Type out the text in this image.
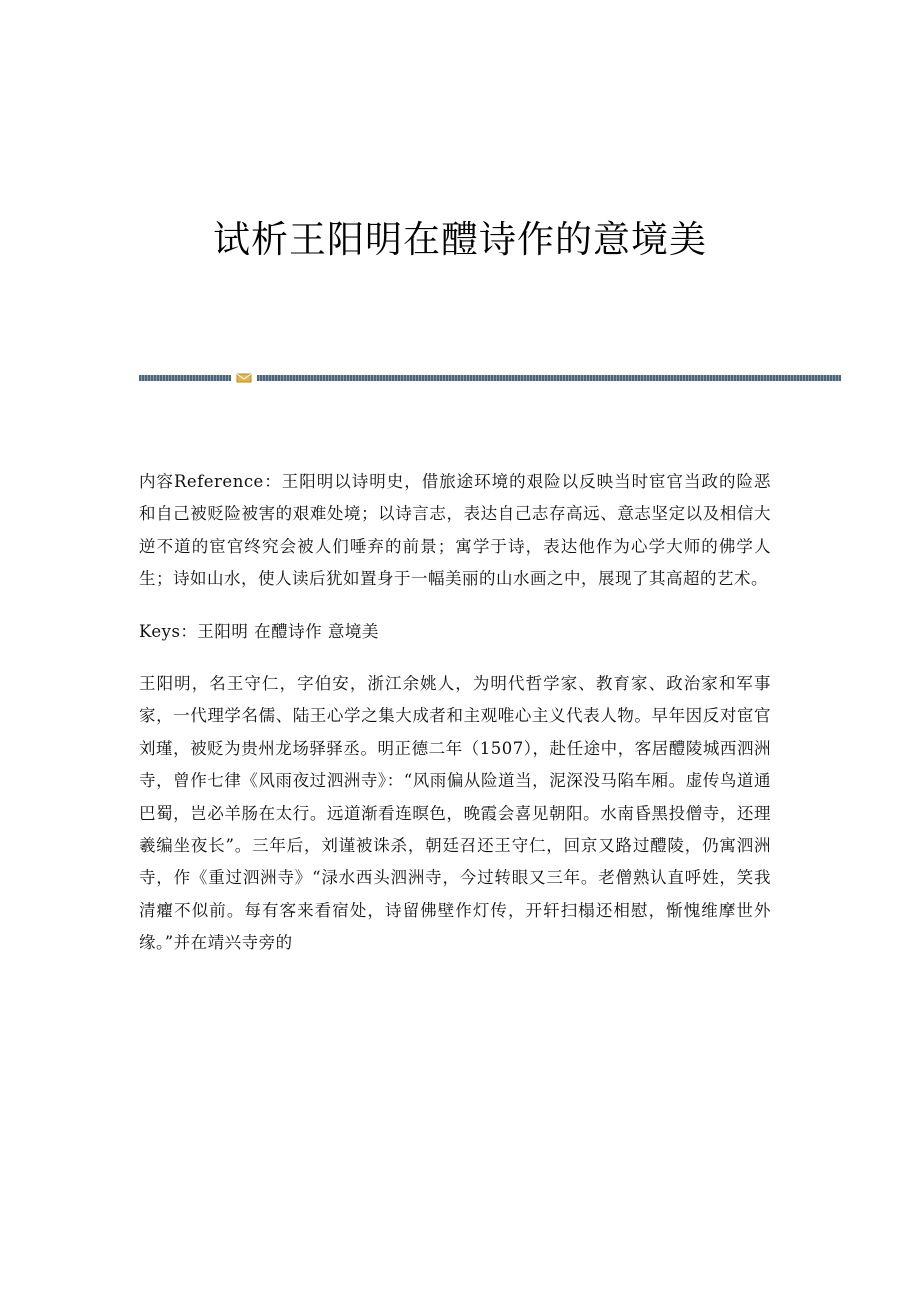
试析王阳明在醴诗作的意境美

内容Reference：王阳明以诗明史，借旅途环境的艰险以反映当时宦官当政的险恶和自己被贬险被害的艰难处境；以诗言志，表达自己志存高远、意志坚定以及相信大逆不道的宦官终究会被人们唾弃的前景；寓学于诗，表达他作为心学大师的佛学人生；诗如山水，使人读后犹如置身于一幅美丽的山水画之中，展现了其高超的艺术。

Keys：王阳明 在醴诗作 意境美

王阳明，名王守仁，字伯安，浙江余姚人，为明代哲学家、教育家、政治家和军事家，一代理学名儒、陆王心学之集大成者和主观唯心主义代表人物。早年因反对宦官刘瑾，被贬为贵州龙场驿驿丞。明正德二年（1507），赴任途中，客居醴陵城西泗洲寺，曾作七律《风雨夜过泗洲寺》：“风雨偏从险道当，泥深没马陷车厢。虚传鸟道通巴蜀，岂必羊肠在太行。远道渐看连暝色，晚霞会喜见朝阳。水南昏黑投僧寺，还理羲编坐夜长”。三年后，刘谨被诛杀，朝廷召还王守仁，回京又路过醴陵，仍寓泗洲寺，作《重过泗洲寺》“渌水西头泗洲寺，今过转眼又三年。老僧熟认直呼姓，笑我清癯不似前。每有客来看宿处，诗留佛壁作灯传，开轩扫榻还相慰，惭愧维摩世外缘。”并在靖兴寺旁的
